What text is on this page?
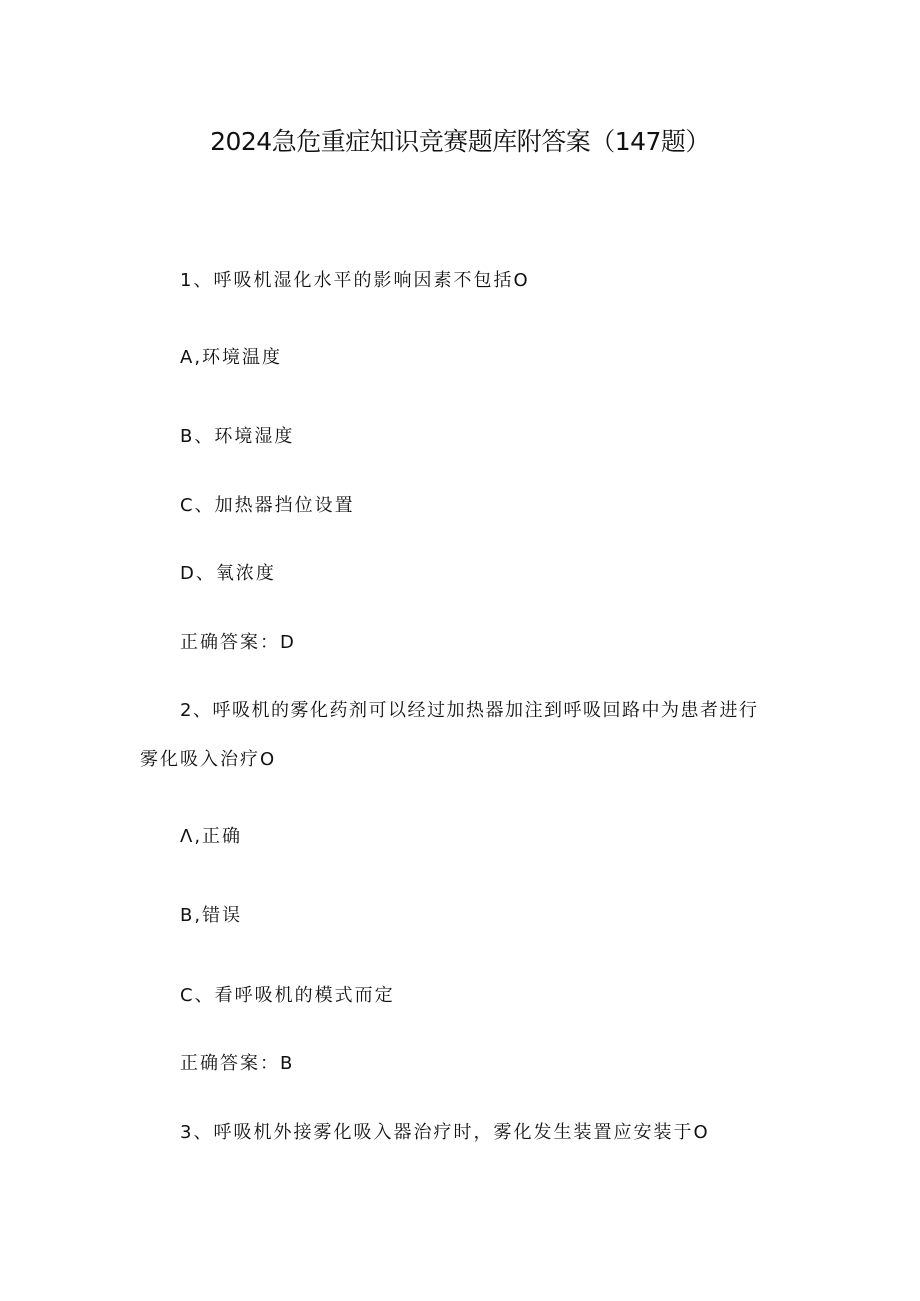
2024急危重症知识竞赛题库附答案（147题）
1、呼吸机湿化水平的影响因素不包括O
A,环境温度
B、环境湿度
C、加热器挡位设置
D、氧浓度
正确答案：D
2、呼吸机的雾化药剂可以经过加热器加注到呼吸回路中为患者进行
雾化吸入治疗O
Λ,正确
B,错误
C、看呼吸机的模式而定
正确答案：B
3、呼吸机外接雾化吸入器治疗时，雾化发生装置应安装于O
